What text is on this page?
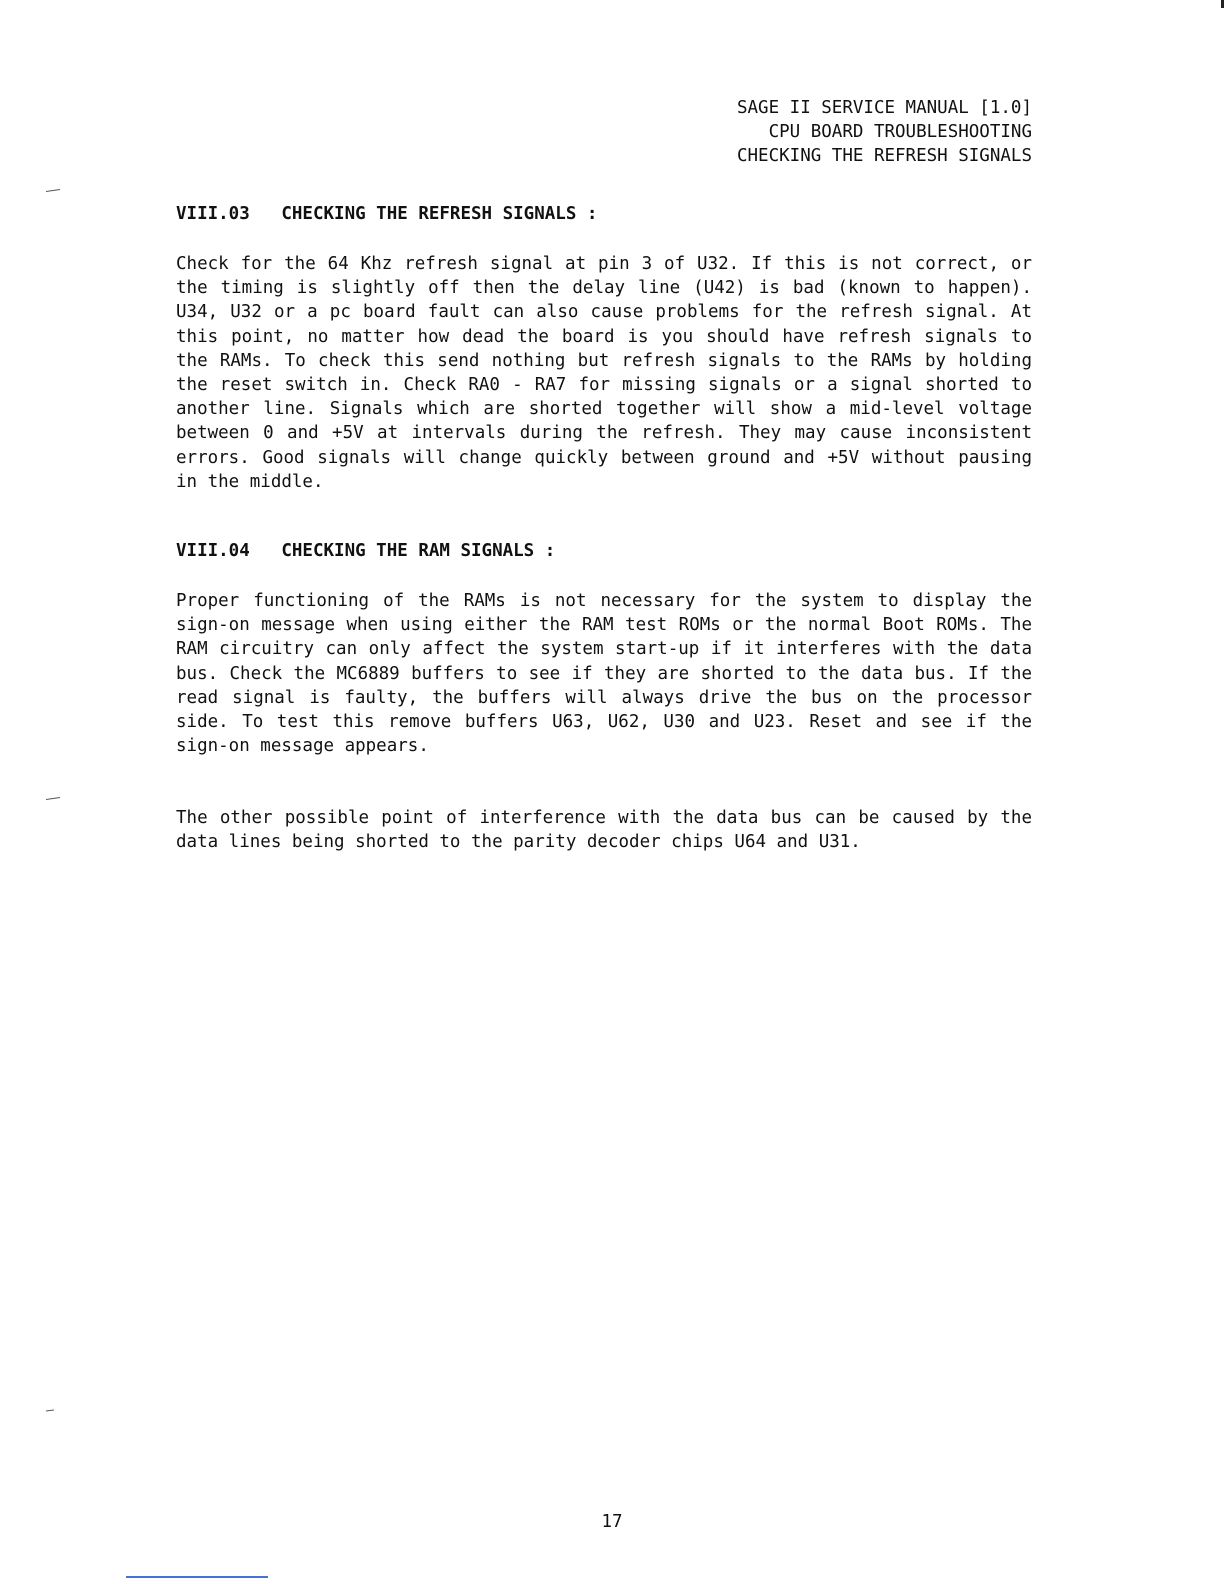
SAGE II SERVICE MANUAL [1.0]
CPU BOARD TROUBLESHOOTING
CHECKING THE REFRESH SIGNALS
VIII.03   CHECKING THE REFRESH SIGNALS :

Check for the 64 Khz refresh signal at pin 3 of U32. If this is not correct, or the timing is slightly off then the delay line (U42) is bad (known to happen). U34, U32 or a pc board fault can also cause problems for the refresh signal. At this point, no matter how dead the board is you should have refresh signals to the RAMs. To check this send nothing but refresh signals to the RAMs by holding the reset switch in. Check RA0 - RA7 for missing signals or a signal shorted to another line. Signals which are shorted together will show a mid-level voltage between 0 and +5V at intervals during the refresh. They may cause inconsistent errors. Good signals will change quickly between ground and +5V without pausing in the middle.

VIII.04   CHECKING THE RAM SIGNALS :

Proper functioning of the RAMs is not necessary for the system to display the sign-on message when using either the RAM test ROMs or the normal Boot ROMs. The RAM circuitry can only affect the system start-up if it interferes with the data bus. Check the MC6889 buffers to see if they are shorted to the data bus. If the read signal is faulty, the buffers will always drive the bus on the processor side. To test this remove buffers U63, U62, U30 and U23. Reset and see if the sign-on message appears.

The other possible point of interference with the data bus can be caused by the data lines being shorted to the parity decoder chips U64 and U31.

17
